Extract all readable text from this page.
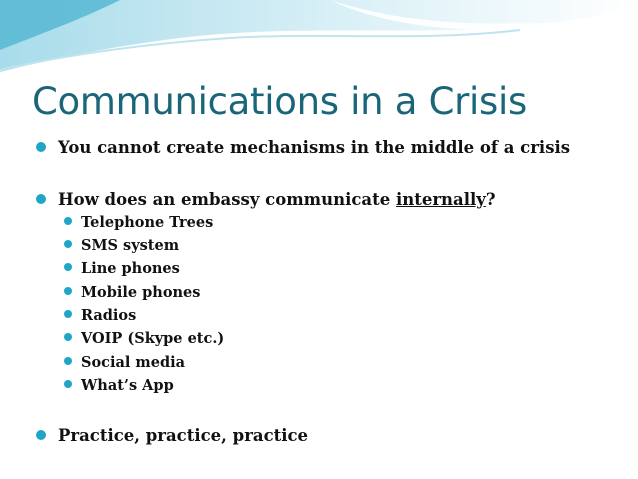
Communications in a Crisis
You cannot create mechanisms in the middle of a crisis
How does an embassy communicate internally?
Telephone Trees
SMS system
Line phones
Mobile phones
Radios
VOIP (Skype etc.)
Social media
What’s App
Practice, practice, practice
